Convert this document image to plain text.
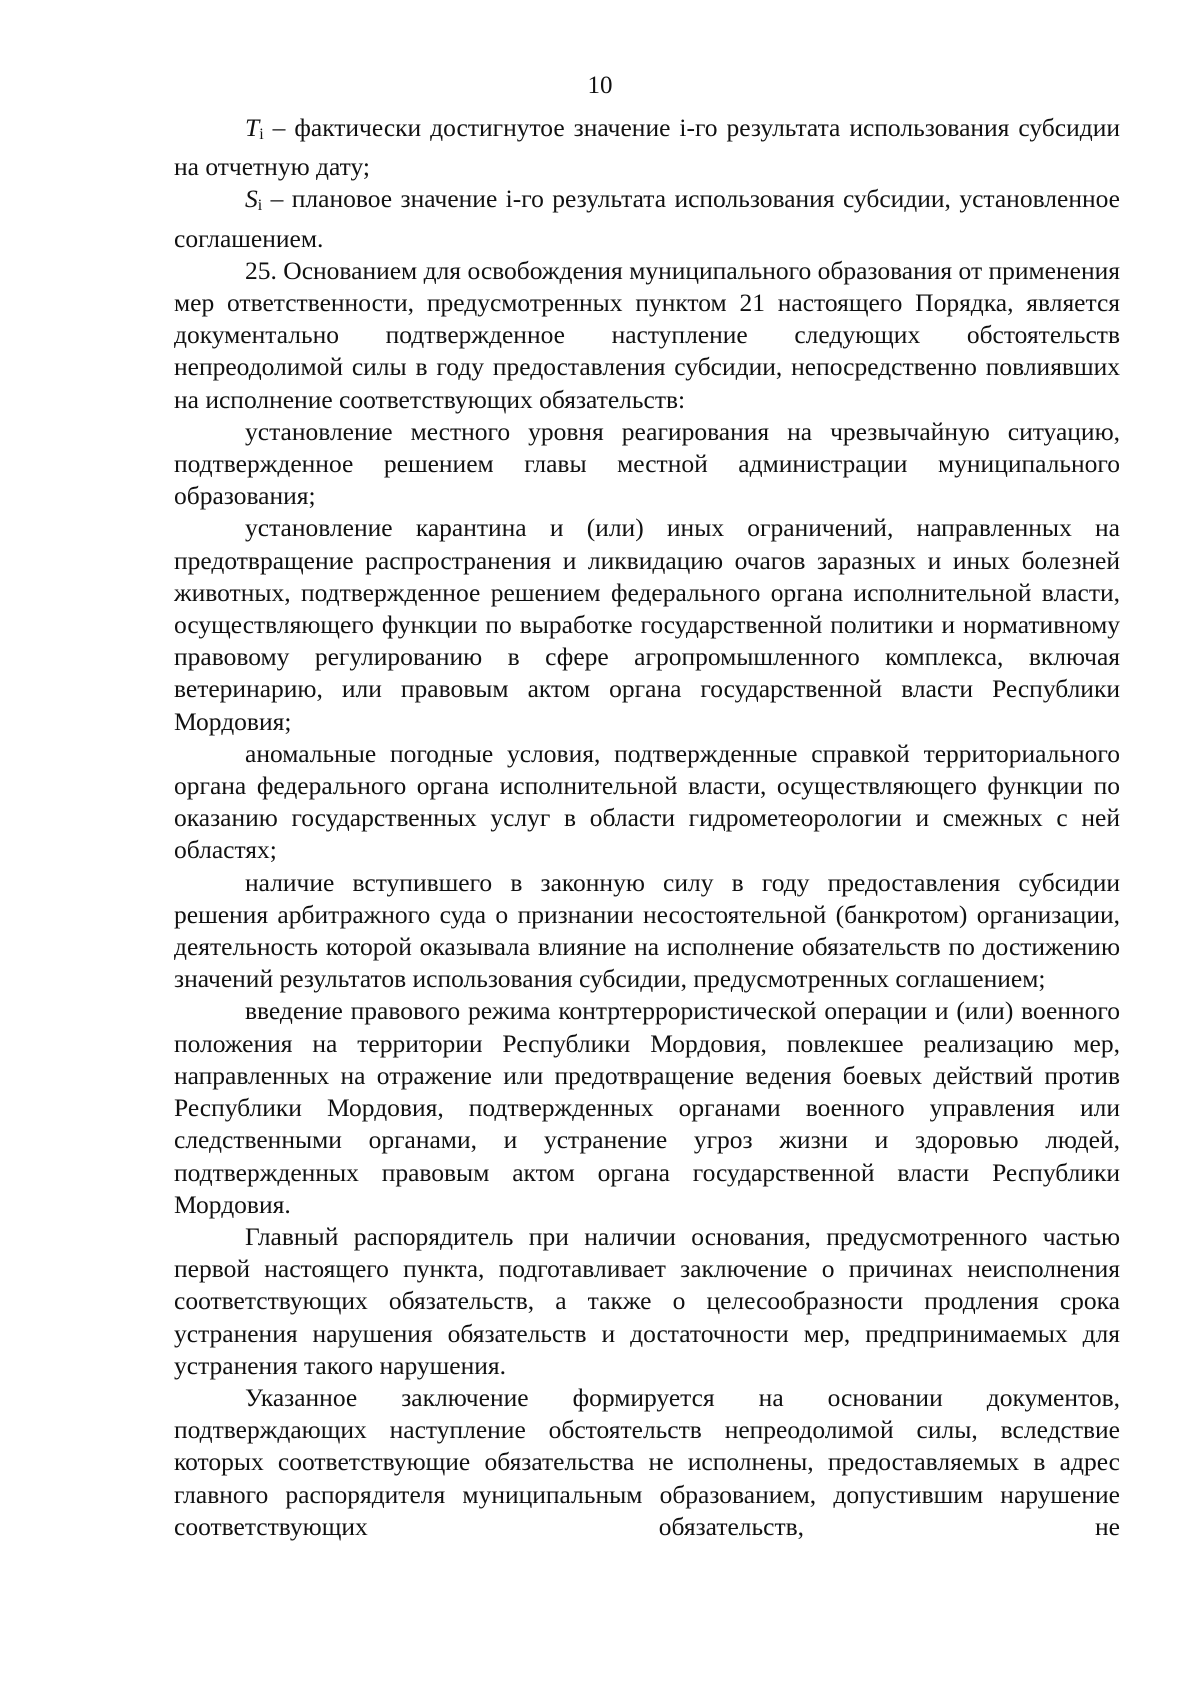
10

Ti – фактически достигнутое значение i-го результата использования субсидии на отчетную дату;

Si – плановое значение i-го результата использования субсидии, установленное соглашением.

25. Основанием для освобождения муниципального образования от применения мер ответственности, предусмотренных пунктом 21 настоящего Порядка, является документально подтвержденное наступление следующих обстоятельств непреодолимой силы в году предоставления субсидии, непосредственно повлиявших на исполнение соответствующих обязательств:

установление местного уровня реагирования на чрезвычайную ситуацию, подтвержденное решением главы местной администрации муниципального образования;

установление карантина и (или) иных ограничений, направленных на предотвращение распространения и ликвидацию очагов заразных и иных болезней животных, подтвержденное решением федерального органа исполнительной власти, осуществляющего функции по выработке государственной политики и нормативному правовому регулированию в сфере агропромышленного комплекса, включая ветеринарию, или правовым актом органа государственной власти Республики Мордовия;

аномальные погодные условия, подтвержденные справкой территориального органа федерального органа исполнительной власти, осуществляющего функции по оказанию государственных услуг в области гидрометеорологии и смежных с ней областях;

наличие вступившего в законную силу в году предоставления субсидии решения арбитражного суда о признании несостоятельной (банкротом) организации, деятельность которой оказывала влияние на исполнение обязательств по достижению значений результатов использования субсидии, предусмотренных соглашением;

введение правового режима контртеррористической операции и (или) военного положения на территории Республики Мордовия, повлекшее реализацию мер, направленных на отражение или предотвращение ведения боевых действий против Республики Мордовия, подтвержденных органами военного управления или следственными органами, и устранение угроз жизни и здоровью людей, подтвержденных правовым актом органа государственной власти Республики Мордовия.

Главный распорядитель при наличии основания, предусмотренного частью первой настоящего пункта, подготавливает заключение о причинах неисполнения соответствующих обязательств, а также о целесообразности продления срока устранения нарушения обязательств и достаточности мер, предпринимаемых для устранения такого нарушения.

Указанное заключение формируется на основании документов, подтверждающих наступление обстоятельств непреодолимой силы, вследствие которых соответствующие обязательства не исполнены, предоставляемых в адрес главного распорядителя муниципальным образованием, допустившим нарушение соответствующих обязательств, не
